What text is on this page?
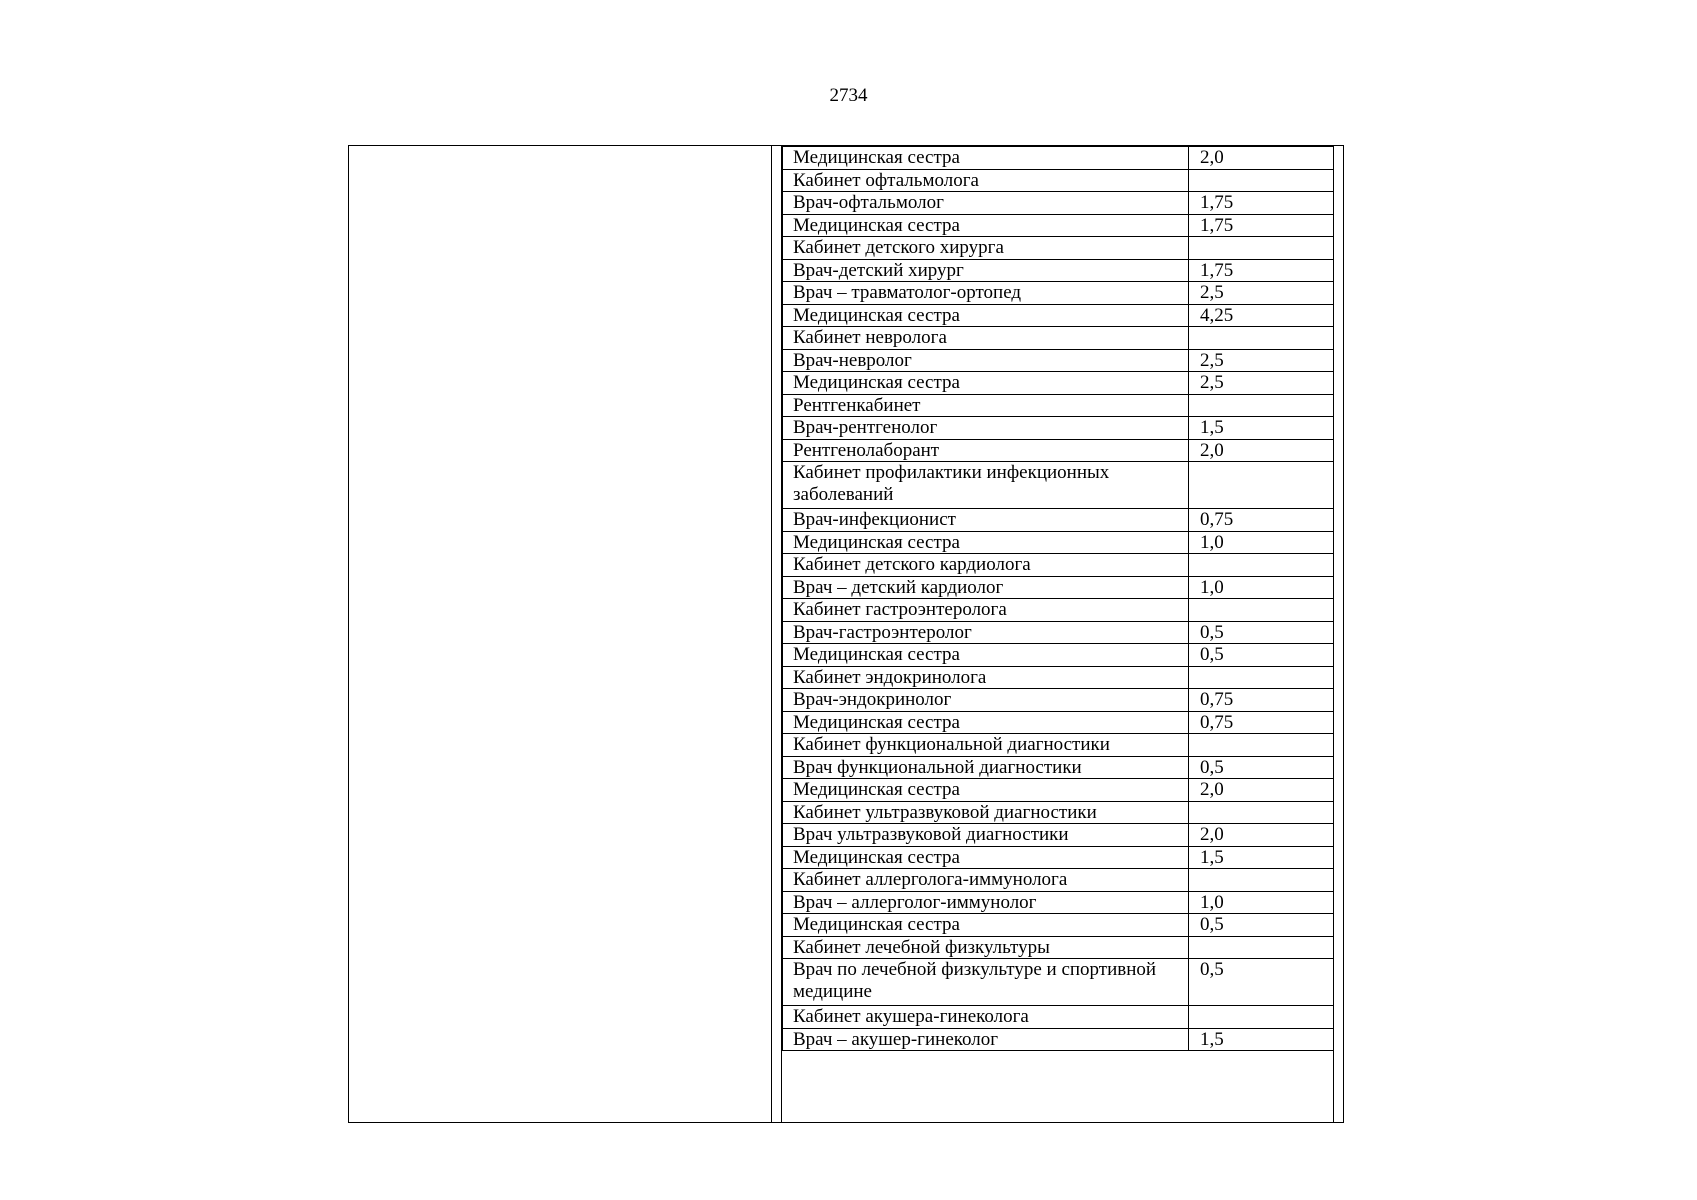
2734
Медицинская сестра	2,0
Кабинет офтальмолога	
Врач-офтальмолог	1,75
Медицинская сестра	1,75
Кабинет детского хирурга	
Врач-детский хирург	1,75
Врач – травматолог-ортопед	2,5
Медицинская сестра	4,25
Кабинет невролога	
Врач-невролог	2,5
Медицинская сестра	2,5
Рентгенкабинет	
Врач-рентгенолог	1,5
Рентгенолаборант	2,0
Кабинет профилактики инфекционных заболеваний	
Врач-инфекционист	0,75
Медицинская сестра	1,0
Кабинет детского кардиолога	
Врач – детский кардиолог	1,0
Кабинет гастроэнтеролога	
Врач-гастроэнтеролог	0,5
Медицинская сестра	0,5
Кабинет эндокринолога	
Врач-эндокринолог	0,75
Медицинская сестра	0,75
Кабинет функциональной диагностики	
Врач функциональной диагностики	0,5
Медицинская сестра	2,0
Кабинет ультразвуковой диагностики	
Врач ультразвуковой диагностики	2,0
Медицинская сестра	1,5
Кабинет аллерголога-иммунолога	
Врач – аллерголог-иммунолог	1,0
Медицинская сестра	0,5
Кабинет лечебной физкультуры	
Врач по лечебной физкультуре и спортивной медицине	0,5
Кабинет акушера-гинеколога	
Врач – акушер-гинеколог	1,5
